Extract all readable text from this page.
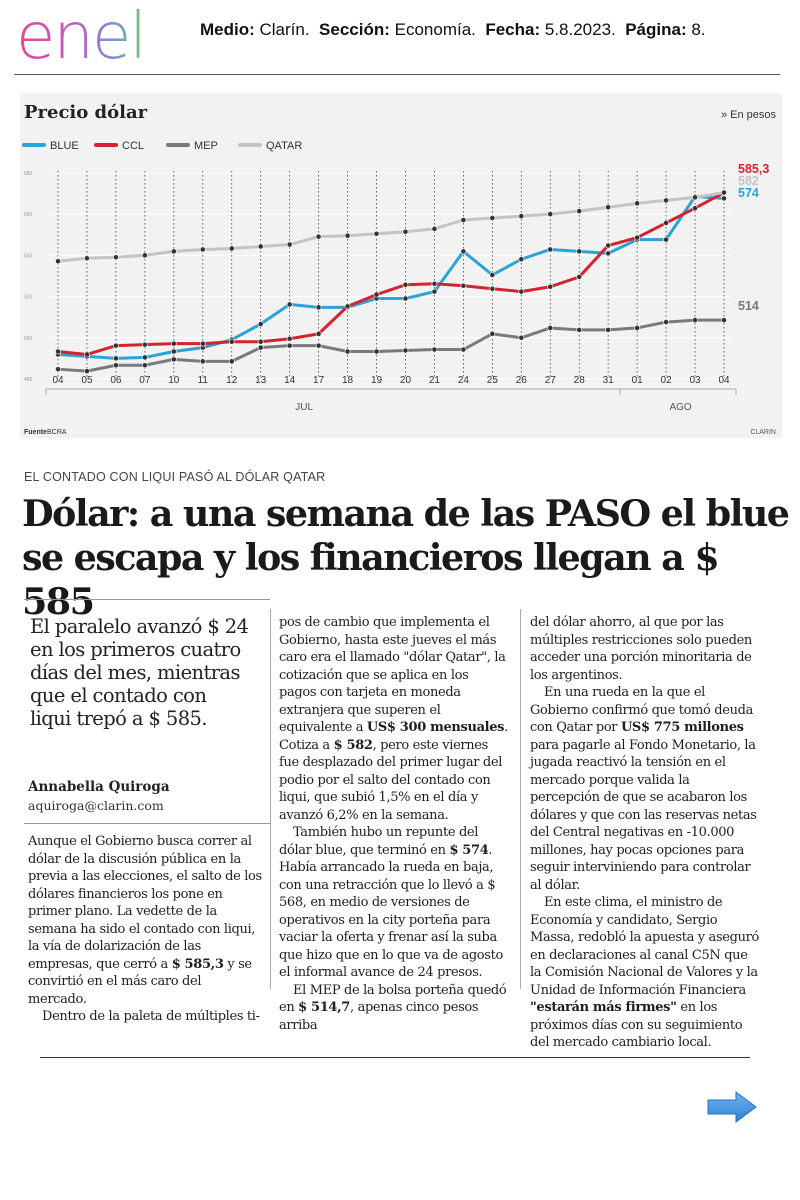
enel	Medio: Clarín. Sección: Economía. Fecha: 5.8.2023. Página: 8.
Precio dólar	» En pesos
BLUE	CCL	MEP	QATAR
580
560
540
520
500
480
585,3
582
574
514
04 05 06 07 10 11 12 13 14 17 18 19 20 21 24 25 26 27 28 31 01 02 03 04
JUL	AGO
Fuente BCRA	CLARIN
EL CONTADO CON LIQUI PASÓ AL DÓLAR QATAR
Dólar: a una semana de las PASO el blue
se escapa y los financieros llegan a $ 585
El paralelo avanzó $ 24 en los primeros cuatro días del mes, mientras que el contado con liqui trepó a $ 585.
Annabella Quiroga
aquiroga@clarin.com

Aunque el Gobierno busca correr al dólar de la discusión pública en la previa a las elecciones, el salto de los dólares financieros los pone en primer plano. La vedette de la semana ha sido el contado con liqui, la vía de dolarización de las empresas, que cerró a $ 585,3 y se convirtió en el más caro del mercado.

Dentro de la paleta de múltiples ti-

pos de cambio que implementa el Gobierno, hasta este jueves el más caro era el llamado "dólar Qatar", la cotización que se aplica en los pagos con tarjeta en moneda extranjera que superen el equivalente a US$ 300 mensuales. Cotiza a $ 582, pero este viernes fue desplazado del primer lugar del podio por el salto del contado con liqui, que subió 1,5% en el día y avanzó 6,2% en la semana.

También hubo un repunte del dólar blue, que terminó en $ 574. Había arrancado la rueda en baja, con una retracción que lo llevó a $ 568, en medio de versiones de operativos en la city porteña para vaciar la oferta y frenar así la suba que hizo que en lo que va de agosto el informal avance de 24 presos.

El MEP de la bolsa porteña quedó en $ 514,7, apenas cinco pesos arriba

del dólar ahorro, al que por las múltiples restricciones solo pueden acceder una porción minoritaria de los argentinos.

En una rueda en la que el Gobierno confirmó que tomó deuda con Qatar por US$ 775 millones para pagarle al Fondo Monetario, la jugada reactivó la tensión en el mercado porque valida la percepción de que se acabaron los dólares y que con las reservas netas del Central negativas en -10.000 millones, hay pocas opciones para seguir interviniendo para controlar al dólar.

En este clima, el ministro de Economía y candidato, Sergio Massa, redobló la apuesta y aseguró en declaraciones al canal C5N que la Comisión Nacional de Valores y la Unidad de Información Financiera "estarán más firmes" en los próximos días con su seguimiento del mercado cambiario local.
